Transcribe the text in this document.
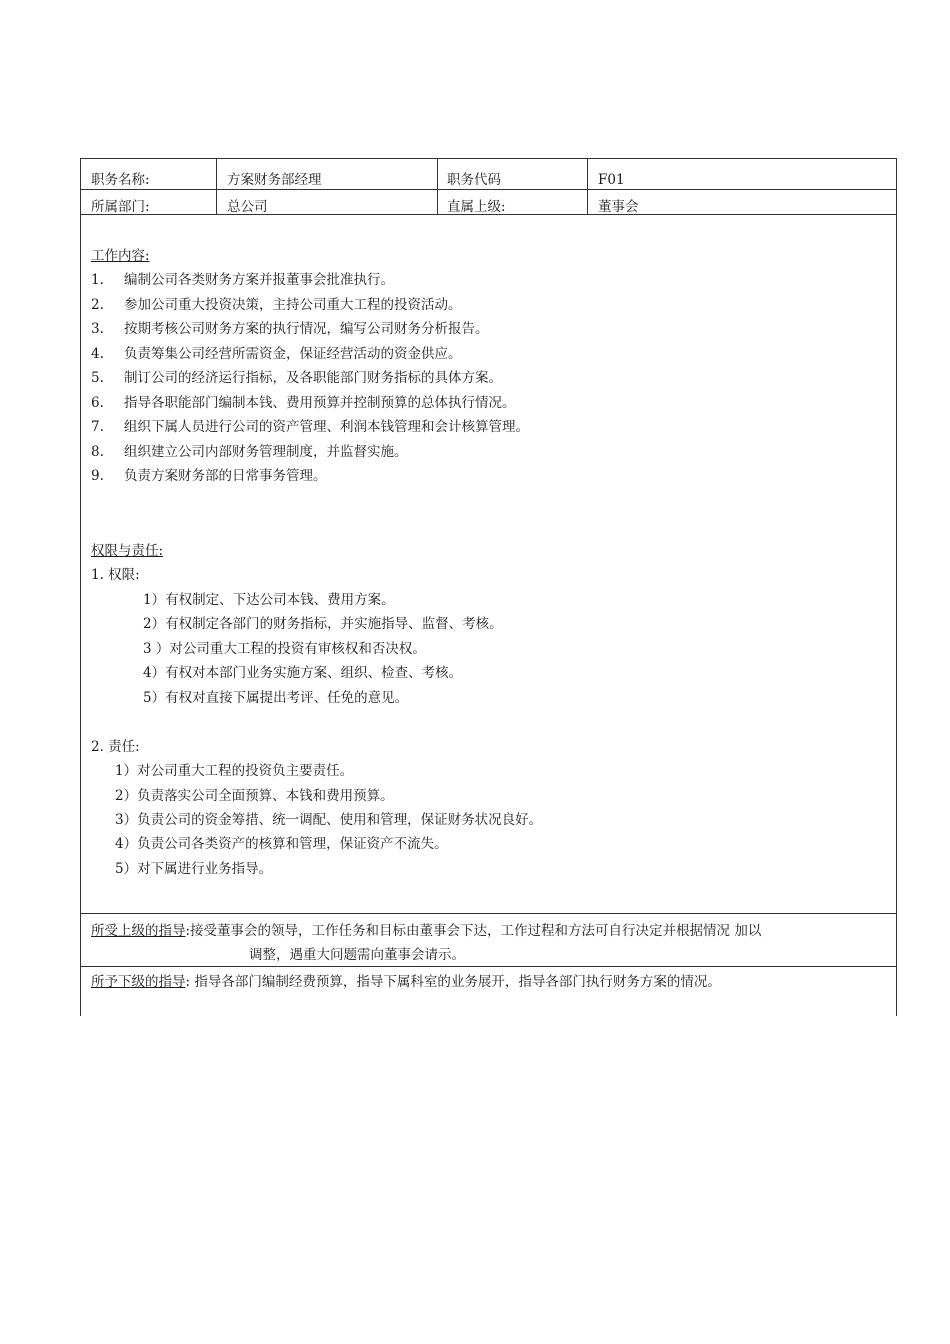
职务名称:	方案财务部经理	职务代码	F01
所属部门:	总公司	直属上级:	董事会
工作内容:
1. 编制公司各类财务方案并报董事会批准执行。
2. 参加公司重大投资决策，主持公司重大工程的投资活动。
3. 按期考核公司财务方案的执行情况，编写公司财务分析报告。
4. 负责筹集公司经营所需资金，保证经营活动的资金供应。
5. 制订公司的经济运行指标，及各职能部门财务指标的具体方案。
6. 指导各职能部门编制本钱、费用预算并控制预算的总体执行情况。
7. 组织下属人员进行公司的资产管理、利润本钱管理和会计核算管理。
8. 组织建立公司内部财务管理制度，并监督实施。
9. 负责方案财务部的日常事务管理。
权限与责任:
1. 权限:
1）有权制定、下达公司本钱、费用方案。
2）有权制定各部门的财务指标，并实施指导、监督、考核。
3 ）对公司重大工程的投资有审核权和否决权。
4）有权对本部门业务实施方案、组织、检查、考核。
5）有权对直接下属提出考评、任免的意见。
2. 责任:
1）对公司重大工程的投资负主要责任。
2）负责落实公司全面预算、本钱和费用预算。
3）负责公司的资金筹措、统一调配、使用和管理，保证财务状况良好。
4）负责公司各类资产的核算和管理，保证资产不流失。
5）对下属进行业务指导。
所受上级的指导:接受董事会的领导，工作任务和目标由董事会下达，工作过程和方法可自行决定并根据情况 加以
调整，遇重大问题需向董事会请示。
所予下级的指导: 指导各部门编制经费预算，指导下属科室的业务展开，指导各部门执行财务方案的情况。
